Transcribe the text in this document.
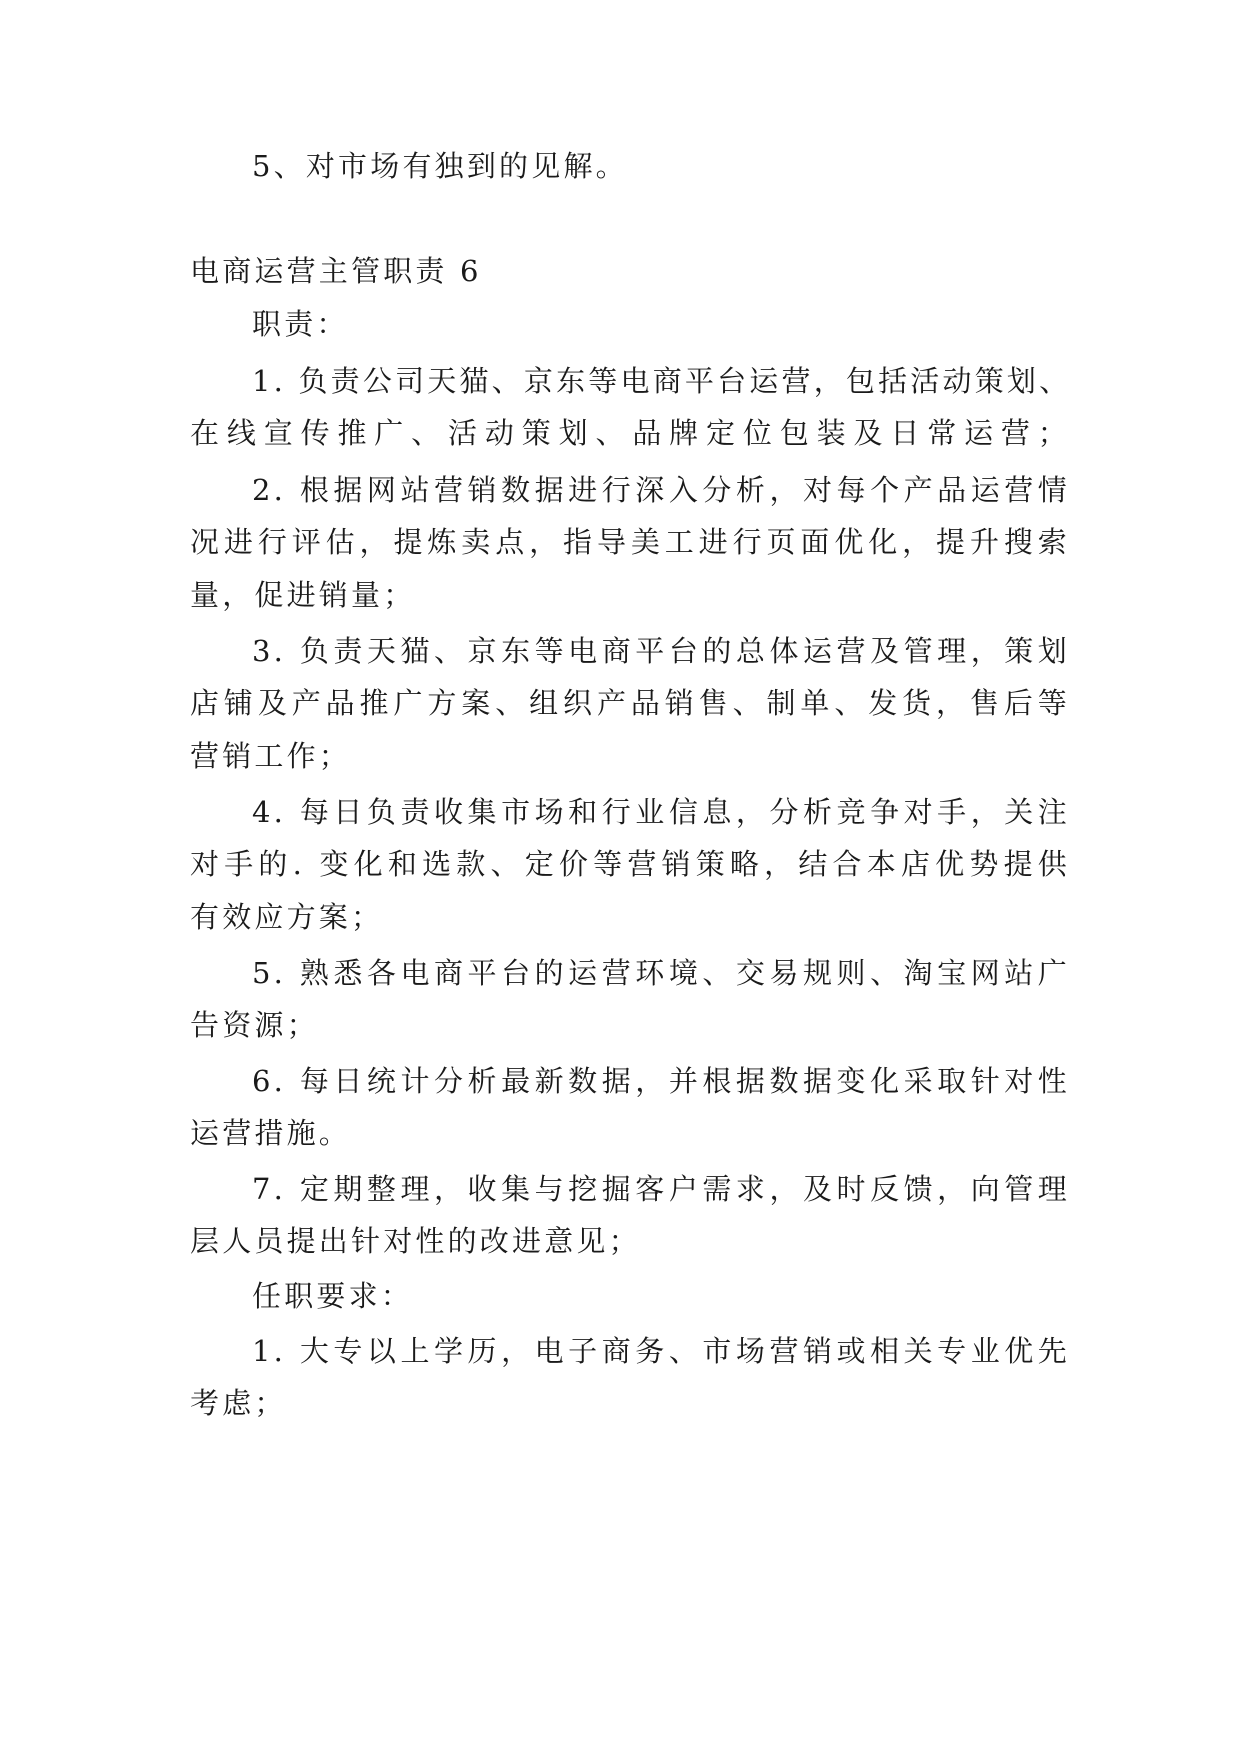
5、对市场有独到的见解。
电商运营主管职责 6
职责：
1. 负责公司天猫、京东等电商平台运营，包括活动策划、
在线宣传推广、活动策划、品牌定位包装及日常运营；
2. 根据网站营销数据进行深入分析，对每个产品运营情
况进行评估，提炼卖点，指导美工进行页面优化，提升搜索
量，促进销量；
3. 负责天猫、京东等电商平台的总体运营及管理，策划
店铺及产品推广方案、组织产品销售、制单、发货，售后等
营销工作；
4. 每日负责收集市场和行业信息，分析竞争对手，关注
对手的. 变化和选款、定价等营销策略，结合本店优势提供
有效应方案；
5. 熟悉各电商平台的运营环境、交易规则、淘宝网站广
告资源；
6. 每日统计分析最新数据，并根据数据变化采取针对性
运营措施。
7. 定期整理，收集与挖掘客户需求，及时反馈，向管理
层人员提出针对性的改进意见；
任职要求：
1. 大专以上学历，电子商务、市场营销或相关专业优先
考虑；
